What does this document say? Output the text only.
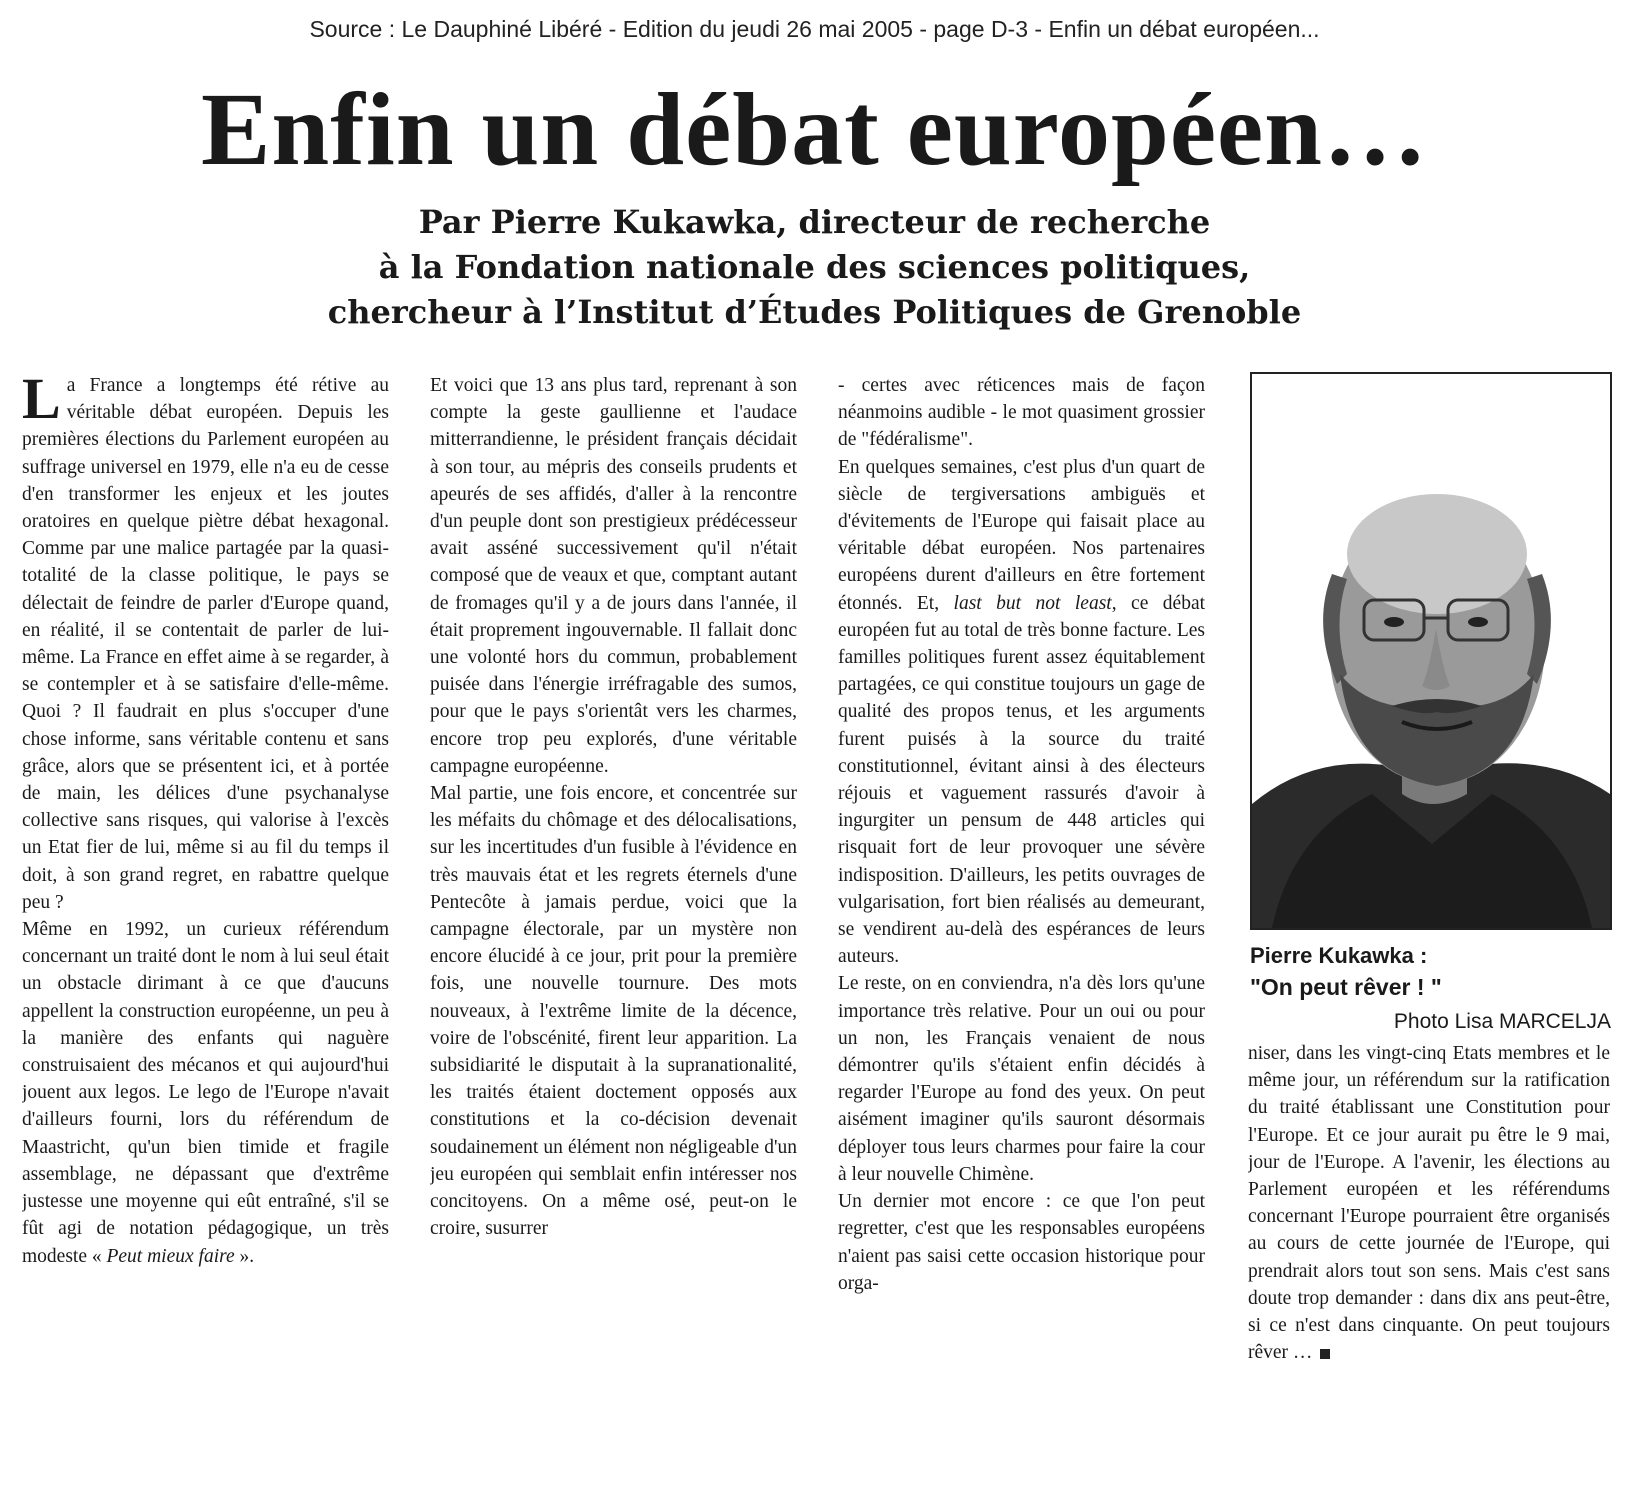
Source : Le Dauphiné Libéré - Edition du jeudi 26 mai 2005 - page D-3 - Enfin un débat européen...
Enfin un débat européen…
Par Pierre Kukawka, directeur de recherche
à la Fondation nationale des sciences politiques,
chercheur à l’Institut d’Études Politiques de Grenoble

La France a longtemps été rétive au véritable débat européen. Depuis les premières élections du Parlement européen au suffrage universel en 1979, elle n'a eu de cesse d'en transformer les enjeux et les joutes oratoires en quelque piètre débat hexagonal. Comme par une malice partagée par la quasi-totalité de la classe politique, le pays se délectait de feindre de parler d'Europe quand, en réalité, il se contentait de parler de lui-même. La France en effet aime à se regarder, à se contempler et à se satisfaire d'elle-même. Quoi ? Il faudrait en plus s'occuper d'une chose informe, sans véritable contenu et sans grâce, alors que se présentent ici, et à portée de main, les délices d'une psychanalyse collective sans risques, qui valorise à l'excès un Etat fier de lui, même si au fil du temps il doit, à son grand regret, en rabattre quelque peu ?

Même en 1992, un curieux référendum concernant un traité dont le nom à lui seul était un obstacle dirimant à ce que d'aucuns appellent la construction européenne, un peu à la manière des enfants qui naguère construisaient des mécanos et qui aujourd'hui jouent aux legos. Le lego de l'Europe n'avait d'ailleurs fourni, lors du référendum de Maastricht, qu'un bien timide et fragile assemblage, ne dépassant que d'extrême justesse une moyenne qui eût entraîné, s'il se fût agi de notation pédagogique, un très modeste « Peut mieux faire ».

Et voici que 13 ans plus tard, reprenant à son compte la geste gaullienne et l'audace mitterrandienne, le président français décidait à son tour, au mépris des conseils prudents et apeurés de ses affidés, d'aller à la rencontre d'un peuple dont son prestigieux prédécesseur avait asséné successivement qu'il n'était composé que de veaux et que, comptant autant de fromages qu'il y a de jours dans l'année, il était proprement ingouvernable. Il fallait donc une volonté hors du commun, probablement puisée dans l'énergie irréfragable des sumos, pour que le pays s'orientât vers les charmes, encore trop peu explorés, d'une véritable campagne européenne.

Mal partie, une fois encore, et concentrée sur les méfaits du chômage et des délocalisations, sur les incertitudes d'un fusible à l'évidence en très mauvais état et les regrets éternels d'une Pentecôte à jamais perdue, voici que la campagne électorale, par un mystère non encore élucidé à ce jour, prit pour la première fois, une nouvelle tournure. Des mots nouveaux, à l'extrême limite de la décence, voire de l'obscénité, firent leur apparition. La subsidiarité le disputait à la supranationalité, les traités étaient doctement opposés aux constitutions et la co-décision devenait soudainement un élément non négligeable d'un jeu européen qui semblait enfin intéresser nos concitoyens. On a même osé, peut-on le croire, susurrer

- certes avec réticences mais de façon néanmoins audible - le mot quasiment grossier de "fédéralisme".

En quelques semaines, c'est plus d'un quart de siècle de tergiversations ambiguës et d'évitements de l'Europe qui faisait place au véritable débat européen. Nos partenaires européens durent d'ailleurs en être fortement étonnés. Et, last but not least, ce débat européen fut au total de très bonne facture. Les familles politiques furent assez équitablement partagées, ce qui constitue toujours un gage de qualité des propos tenus, et les arguments furent puisés à la source du traité constitutionnel, évitant ainsi à des électeurs réjouis et vaguement rassurés d'avoir à ingurgiter un pensum de 448 articles qui risquait fort de leur provoquer une sévère indisposition. D'ailleurs, les petits ouvrages de vulgarisation, fort bien réalisés au demeurant, se vendirent au-delà des espérances de leurs auteurs.

Le reste, on en conviendra, n'a dès lors qu'une importance très relative. Pour un oui ou pour un non, les Français venaient de nous démontrer qu'ils s'étaient enfin décidés à regarder l'Europe au fond des yeux. On peut aisément imaginer qu'ils sauront désormais déployer tous leurs charmes pour faire la cour à leur nouvelle Chimène.

Un dernier mot encore : ce que l'on peut regretter, c'est que les responsables européens n'aient pas saisi cette occasion historique pour orga-

Pierre Kukawka :
"On peut rêver ! "
Photo Lisa MARCELJA

niser, dans les vingt-cinq Etats membres et le même jour, un référendum sur la ratification du traité établissant une Constitution pour l'Europe. Et ce jour aurait pu être le 9 mai, jour de l'Europe. A l'avenir, les élections au Parlement européen et les référendums concernant l'Europe pourraient être organisés au cours de cette journée de l'Europe, qui prendrait alors tout son sens. Mais c'est sans doute trop demander : dans dix ans peut-être, si ce n'est dans cinquante. On peut toujours rêver …
